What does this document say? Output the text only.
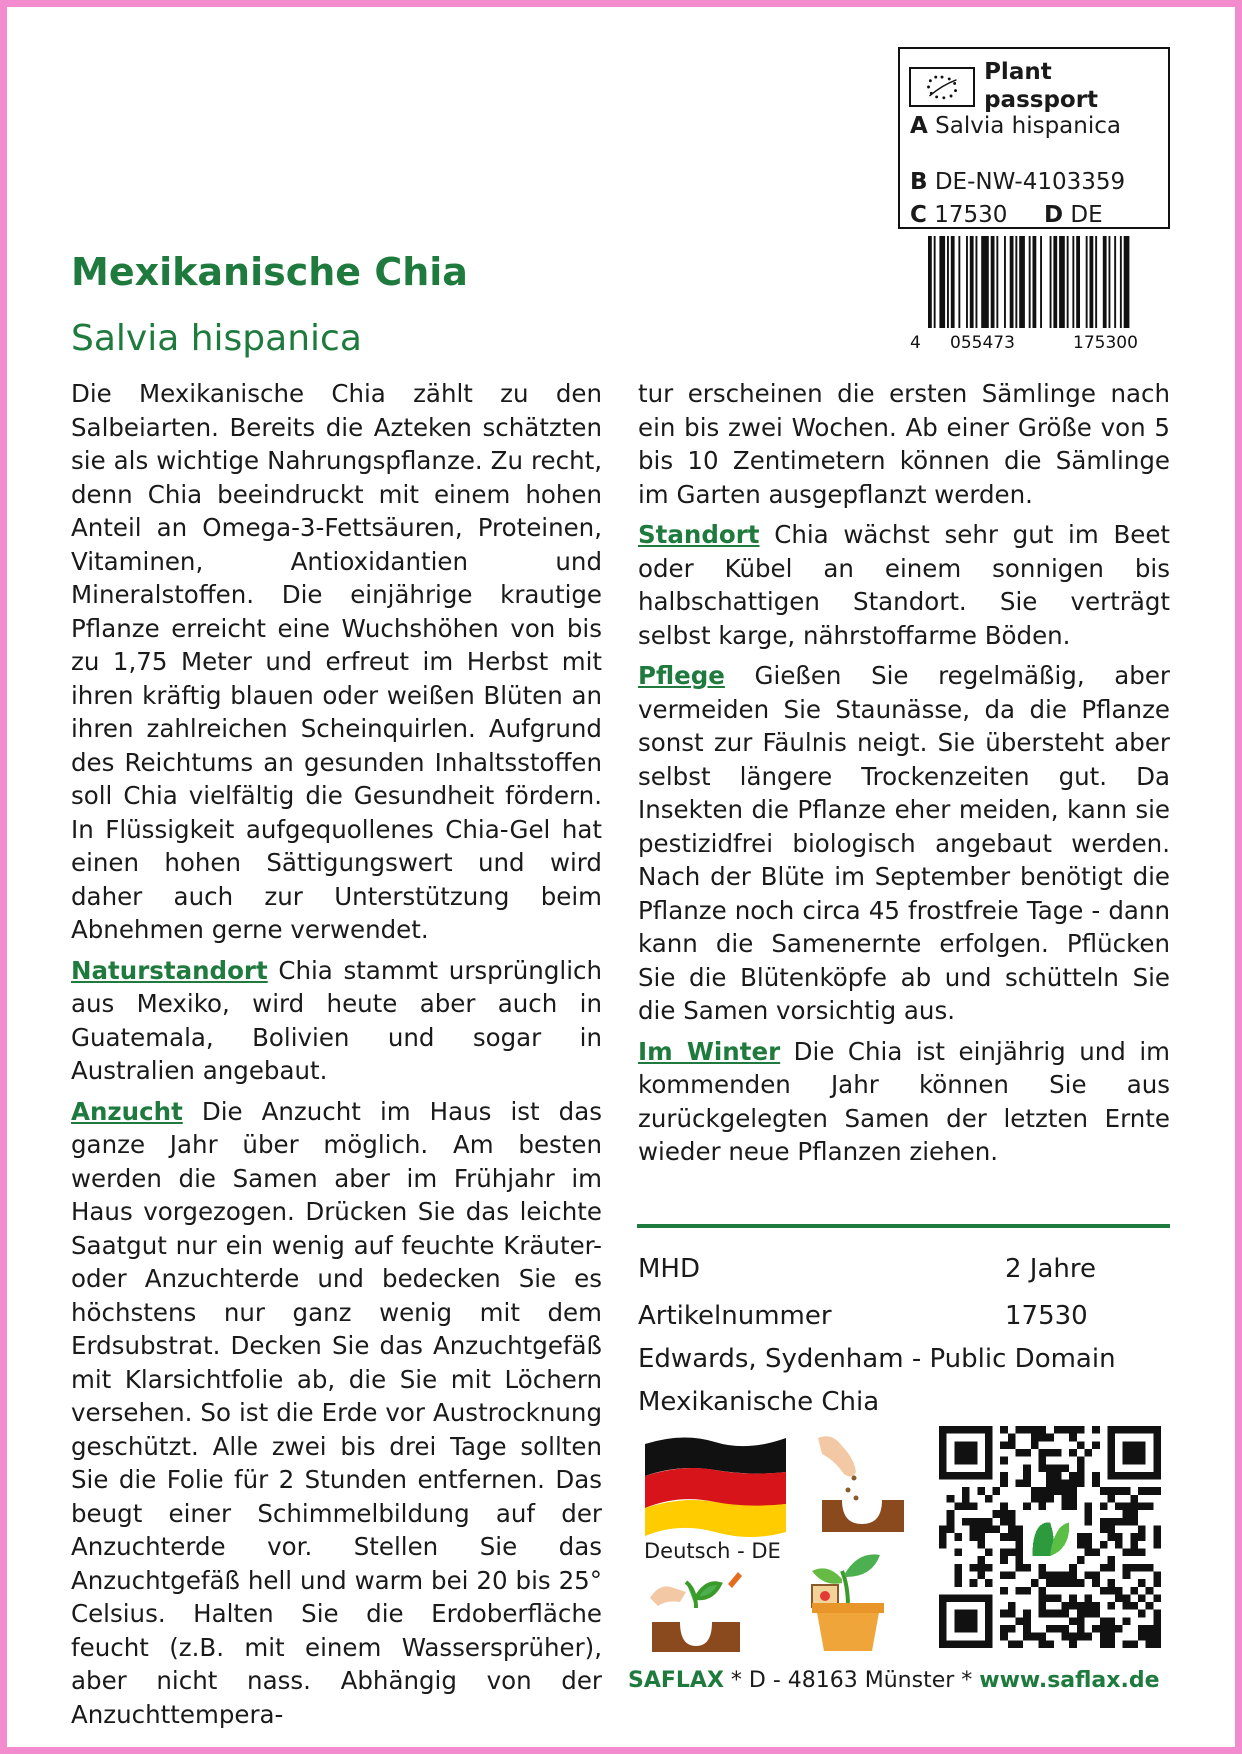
Plant passport
A Salvia hispanica
B DE-NW-4103359
C 17530 D DE
4 055473	175300
Mexikanische Chia
Salvia hispanica

Die Mexikanische Chia zählt zu den Salbeiarten. Bereits die Azteken schätzten sie als wichtige Nahrungspflanze. Zu recht, denn Chia beeindruckt mit einem hohen Anteil an Omega-3-Fettsäuren, Proteinen, Vitaminen, Antioxidantien und Mineralstoffen. Die einjährige krautige Pflanze erreicht eine Wuchshöhen von bis zu 1,75 Meter und erfreut im Herbst mit ihren kräftig blauen oder weißen Blüten an ihren zahlreichen Scheinquirlen. Aufgrund des Reichtums an gesunden Inhaltsstoffen soll Chia vielfältig die Gesundheit fördern. In Flüssigkeit aufgequollenes Chia-Gel hat einen hohen Sättigungswert und wird daher auch zur Unterstützung beim Abnehmen gerne verwendet.

Naturstandort Chia stammt ursprünglich aus Mexiko, wird heute aber auch in Guatemala, Bolivien und sogar in Australien angebaut.

Anzucht Die Anzucht im Haus ist das ganze Jahr über möglich. Am besten werden die Samen aber im Frühjahr im Haus vorgezogen. Drücken Sie das leichte Saatgut nur ein wenig auf feuchte Kräuter- oder Anzuchterde und bedecken Sie es höchstens nur ganz wenig mit dem Erdsubstrat. Decken Sie das Anzuchtgefäß mit Klarsichtfolie ab, die Sie mit Löchern versehen. So ist die Erde vor Austrocknung geschützt. Alle zwei bis drei Tage sollten Sie die Folie für 2 Stunden entfernen. Das beugt einer Schimmelbildung auf der Anzuchterde vor. Stellen Sie das Anzuchtgefäß hell und warm bei 20 bis 25° Celsius. Halten Sie die Erdoberfläche feucht (z.B. mit einem Wassersprüher), aber nicht nass. Abhängig von der Anzuchttempera-

tur erscheinen die ersten Sämlinge nach ein bis zwei Wochen. Ab einer Größe von 5 bis 10 Zentimetern können die Sämlinge im Garten ausgepflanzt werden.

Standort Chia wächst sehr gut im Beet oder Kübel an einem sonnigen bis halbschattigen Standort. Sie verträgt selbst karge, nährstoffarme Böden.

Pflege Gießen Sie regelmäßig, aber vermeiden Sie Staunässe, da die Pflanze sonst zur Fäulnis neigt. Sie übersteht aber selbst längere Trockenzeiten gut. Da Insekten die Pflanze eher meiden, kann sie pestizidfrei biologisch angebaut werden. Nach der Blüte im September benötigt die Pflanze noch circa 45 frostfreie Tage - dann kann die Samenernte erfolgen. Pflücken Sie die Blütenköpfe ab und schütteln Sie die Samen vorsichtig aus.

Im Winter Die Chia ist einjährig und im kommenden Jahr können Sie aus zurückgelegten Samen der letzten Ernte wieder neue Pflanzen ziehen.

MHD	2 Jahre
Artikelnummer	17530
Edwards, Sydenham - Public Domain
Mexikanische Chia
Deutsch - DE
SAFLAX * D - 48163 Münster * www.saflax.de
